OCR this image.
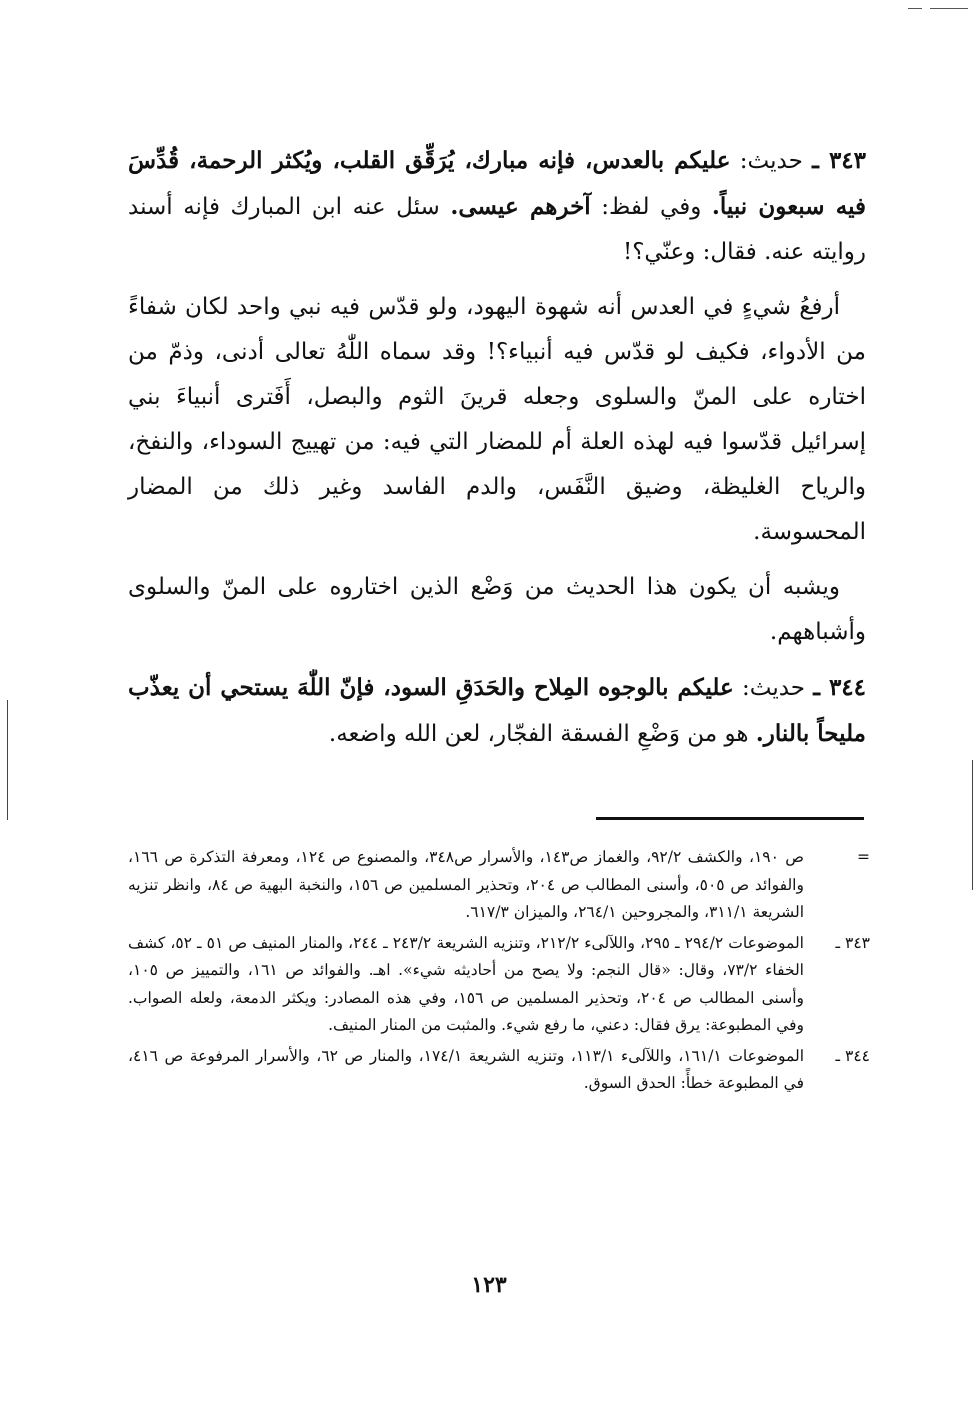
٣٤٣ ـ حديث: عليكم بالعدس، فإنه مبارك، يُرَقِّق القلب، ويُكثر الرحمة، قُدِّسَ فيه سبعون نبياً. وفي لفظ: آخرهم عيسى. سئل عنه ابن المبارك فإنه أسند روايته عنه. فقال: وعنّي؟!

أرفعُ شيءٍ في العدس أنه شهوة اليهود، ولو قدّس فيه نبي واحد لكان شفاءً من الأدواء، فكيف لو قدّس فيه أنبياء؟! وقد سماه اللّٰهُ تعالى أدنى، وذمّ من اختاره على المنّ والسلوى وجعله قرينَ الثوم والبصل، أَفَترى أنبياءَ بني إسرائيل قدّسوا فيه لهذه العلة أم للمضار التي فيه: من تهييج السوداء، والنفخ، والرياح الغليظة، وضيق النَّفَس، والدم الفاسد وغير ذلك من المضار المحسوسة.

ويشبه أن يكون هذا الحديث من وَضْع الذين اختاروه على المنّ والسلوى وأشباههم.

٣٤٤ ـ حديث: عليكم بالوجوه المِلاح والحَدَقِ السود، فإنّ اللّٰهَ يستحي أن يعذّب مليحاً بالنار. هو من وَضْعِ الفسقة الفجّار، لعن الله واضعه.

=
ص ١٩٠، والكشف ٩٢/٢، والغماز ص١٤٣، والأسرار ص٣٤٨، والمصنوع ص ١٢٤، ومعرفة التذكرة ص ١٦٦، والفوائد ص ٥٠٥، وأسنى المطالب ص ٢٠٤، وتحذير المسلمين ص ١٥٦، والنخبة البهية ص ٨٤، وانظر تنزيه الشريعة ٣١١/١، والمجروحين ٢٦٤/١، والميزان ٦١٧/٣.
٣٤٣ ـ
الموضوعات ٢٩٤/٢ ـ ٢٩٥، واللآلىء ٢١٢/٢، وتنزيه الشريعة ٢٤٣/٢ ـ ٢٤٤، والمنار المنيف ص ٥١ ـ ٥٢، كشف الخفاء ٧٣/٢، وقال: «قال النجم: ولا يصح من أحاديثه شيء». اهـ. والفوائد ص ١٦١، والتمييز ص ١٠٥، وأسنى المطالب ص ٢٠٤، وتحذير المسلمين ص ١٥٦، وفي هذه المصادر: ويكثر الدمعة، ولعله الصواب. وفي المطبوعة: يرق فقال: دعني، ما رفع شيء. والمثبت من المنار المنيف.
٣٤٤ ـ
الموضوعات ١٦١/١، واللآلىء ١١٣/١، وتنزيه الشريعة ١٧٤/١، والمنار ص ٦٢، والأسرار المرفوعة ص ٤١٦، في المطبوعة خطأً: الحدق السوق.
١٢٣
